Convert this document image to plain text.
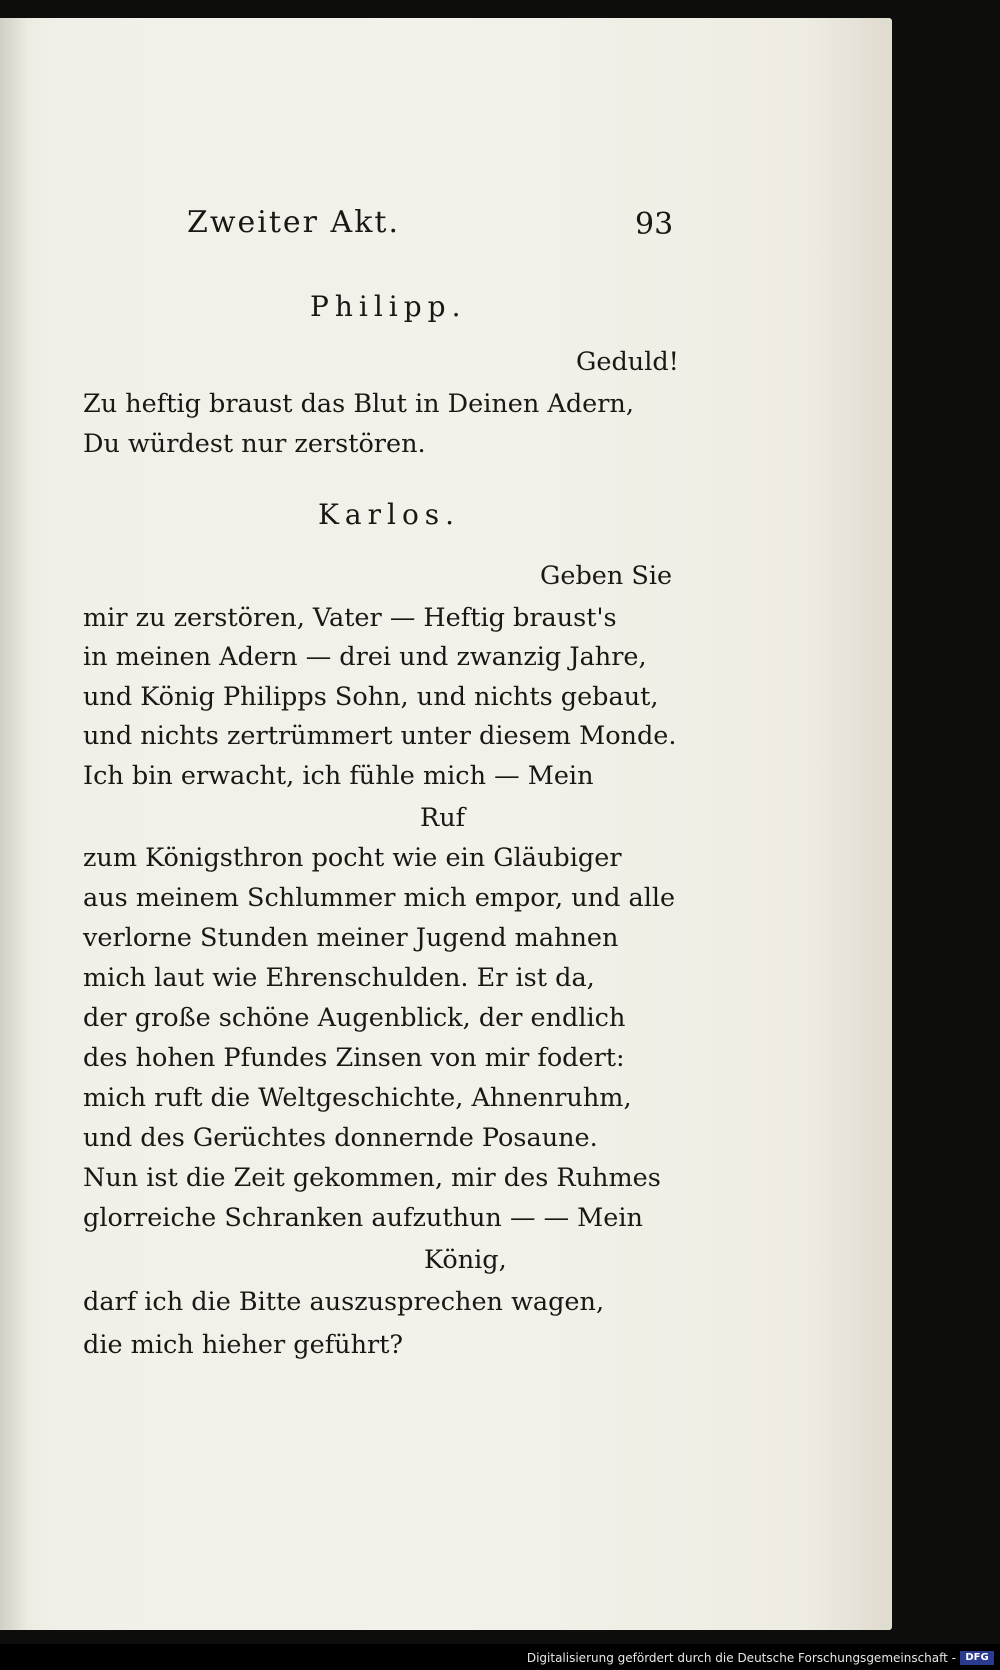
Zweiter Akt.	93
Philipp.
Geduld!
Zu heftig braust das Blut in Deinen Adern,
Du würdest nur zerstören.
Karlos.
Geben Sie
mir zu zerstören, Vater — Heftig braust's
in meinen Adern — drei und zwanzig Jahre,
und König Philipps Sohn, und nichts gebaut,
und nichts zertrümmert unter diesem Monde.
Ich bin erwacht, ich fühle mich — Mein
Ruf
zum Königsthron pocht wie ein Gläubiger
aus meinem Schlummer mich empor, und alle
verlorne Stunden meiner Jugend mahnen
mich laut wie Ehrenschulden. Er ist da,
der große schöne Augenblick, der endlich
des hohen Pfundes Zinsen von mir fodert:
mich ruft die Weltgeschichte, Ahnenruhm,
und des Gerüchtes donnernde Posaune.
Nun ist die Zeit gekommen, mir des Ruhmes
glorreiche Schranken aufzuthun — — Mein
König,
darf ich die Bitte auszusprechen wagen,
die mich hieher geführt?
Digitalisierung gefördert durch die Deutsche Forschungsgemeinschaft - DFG
